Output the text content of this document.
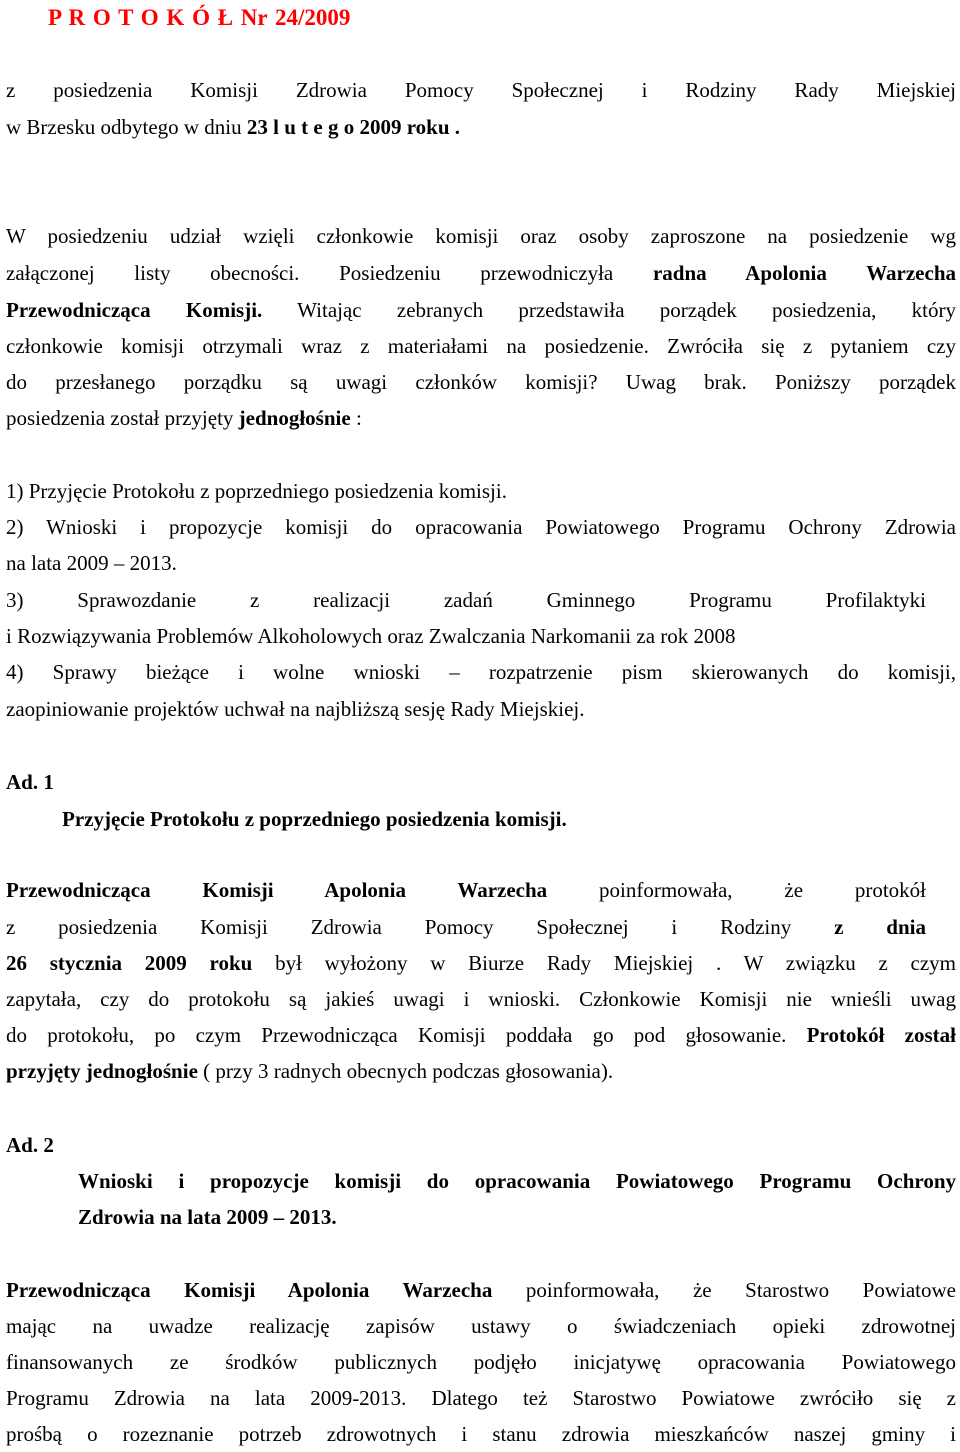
P R O T O K Ó Ł Nr 24/2009
z posiedzenia Komisji Zdrowia Pomocy Społecznej i Rodziny Rady Miejskiej
w Brzesku odbytego w dniu 23 l u t e g o 2009 roku .
W posiedzeniu udział wzięli członkowie komisji oraz osoby zaproszone na posiedzenie wg
załączonej listy obecności. Posiedzeniu przewodniczyła radna Apolonia Warzecha
Przewodnicząca Komisji. Witając zebranych przedstawiła porządek posiedzenia, który
członkowie komisji otrzymali wraz z materiałami na posiedzenie. Zwróciła się z pytaniem czy
do przesłanego porządku są uwagi członków komisji? Uwag brak. Poniższy porządek
posiedzenia został przyjęty jednogłośnie :
1) Przyjęcie Protokołu z poprzedniego posiedzenia komisji.
2) Wnioski i propozycje komisji do opracowania Powiatowego Programu Ochrony Zdrowia
na lata 2009 – 2013.
3) Sprawozdanie z realizacji zadań Gminnego Programu Profilaktyki
i Rozwiązywania Problemów Alkoholowych oraz Zwalczania Narkomanii za rok 2008
4) Sprawy bieżące i wolne wnioski – rozpatrzenie pism skierowanych do komisji,
zaopiniowanie projektów uchwał na najbliższą sesję Rady Miejskiej.
Ad. 1
Przyjęcie Protokołu z poprzedniego posiedzenia komisji.
Przewodnicząca Komisji Apolonia Warzecha poinformowała, że protokół
z posiedzenia Komisji Zdrowia Pomocy Społecznej i Rodziny z dnia
26 stycznia 2009 roku był wyłożony w Biurze Rady Miejskiej . W związku z czym
zapytała, czy do protokołu są jakieś uwagi i wnioski. Członkowie Komisji nie wnieśli uwag
do protokołu, po czym Przewodnicząca Komisji poddała go pod głosowanie. Protokół został
przyjęty jednogłośnie ( przy 3 radnych obecnych podczas głosowania).
Ad. 2
Wnioski i propozycje komisji do opracowania Powiatowego Programu Ochrony
Zdrowia na lata 2009 – 2013.
Przewodnicząca Komisji Apolonia Warzecha poinformowała, że Starostwo Powiatowe
mając na uwadze realizację zapisów ustawy o świadczeniach opieki zdrowotnej
finansowanych ze środków publicznych podjęło inicjatywę opracowania Powiatowego
Programu Zdrowia na lata 2009-2013. Dlatego też Starostwo Powiatowe zwróciło się z
prośbą o rozeznanie potrzeb zdrowotnych i stanu zdrowia mieszkańców naszej gminy i
